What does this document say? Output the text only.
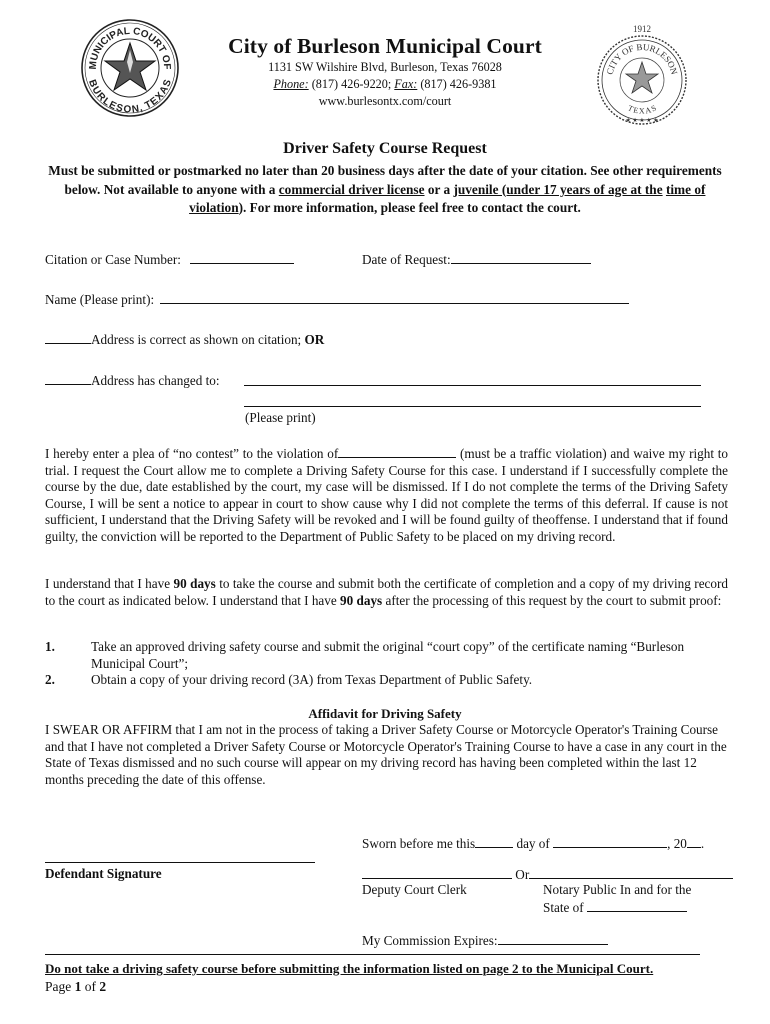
MUNICIPAL COURT OF
BURLESON, TEXAS
1912
CITY OF BURLESON
TEXAS
★ ★ ★ ★ ★
City of Burleson Municipal Court
1131 SW Wilshire Blvd, Burleson, Texas 76028
Phone: (817) 426-9220; Fax: (817) 426-9381
www.burlesontx.com/court
Driver Safety Course Request
Must be submitted or postmarked no later than 20 business days after the date of your citation. See other requirements below. Not available to anyone with a commercial driver license or a juvenile (under 17 years of age at the time of violation). For more information, please feel free to contact the court.
Citation or Case Number:	Date of Request:
Name (Please print):
Address is correct as shown on citation; OR
Address has changed to:
(Please print)
I hereby enter a plea of “no contest” to the violation of	(must be a traffic violation) and waive my right to trial. I request the Court allow me to complete a Driving Safety Course for this case. I understand if I successfully complete the course by the due, date established by the court, my case will be dismissed. If I do not complete the terms of the Driving Safety Course, I will be sent a notice to appear in court to show cause why I did not complete the terms of this deferral. If cause is not sufficient, I understand that the Driving Safety will be revoked and I will be found guilty of theoffense. I understand that if found guilty, the conviction will be reported to the Department of Public Safety to be placed on my driving record.
I understand that I have 90 days to take the course and submit both the certificate of completion and a copy of my driving record to the court as indicated below. I understand that I have 90 days after the processing of this request by the court to submit proof:
1.	Take an approved driving safety course and submit the original “court copy” of the certificate naming “Burleson Municipal Court”;
2.	Obtain a copy of your driving record (3A) from Texas Department of Public Safety.
Affidavit for Driving Safety
I SWEAR OR AFFIRM that I am not in the process of taking a Driver Safety Course or Motorcycle Operator's Training Course and that I have not completed a Driver Safety Course or Motorcycle Operator's Training Course to have a case in any court in the State of Texas dismissed and no such course will appear on my driving record has having been completed within the last 12 months preceding the date of this offense.
Sworn before me this	day of	, 20 .
Defendant Signature	Or
Deputy Court Clerk	Notary Public In and for the
State of
My Commission Expires:
Do not take a driving safety course before submitting the information listed on page 2 to the Municipal Court.
Page 1 of 2
